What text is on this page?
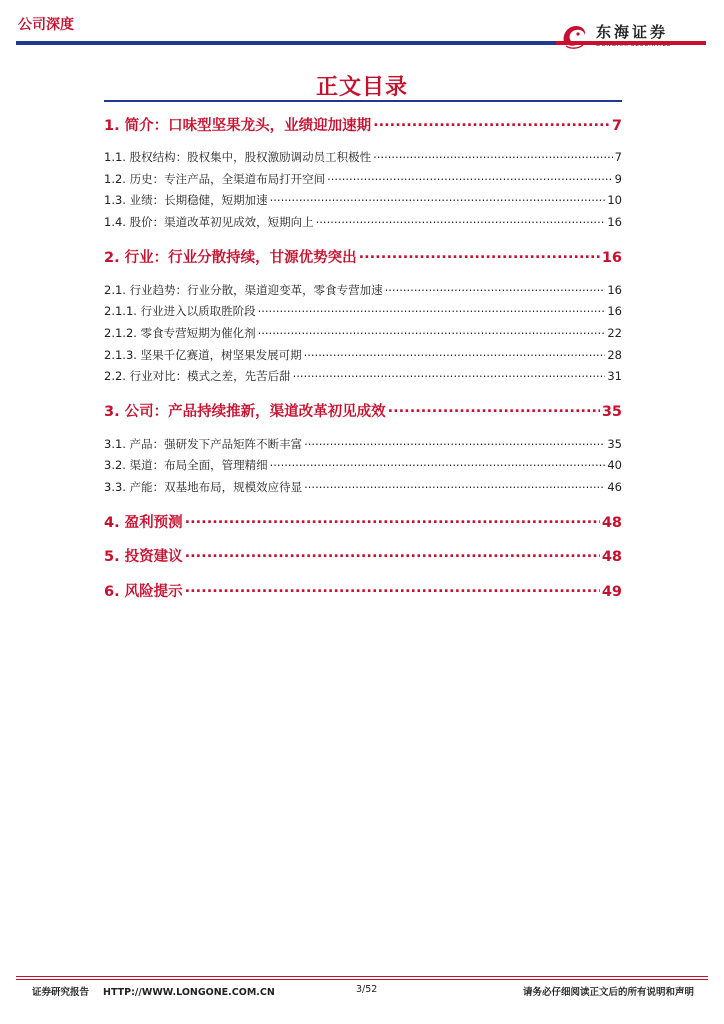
公司深度	东海证券
正文目录
1. 简介：口味型坚果龙头，业绩迎加速期 .....	7
1.1. 股权结构：股权集中，股权激励调动员工积极性 .....	7
1.2. 历史：专注产品，全渠道布局打开空间 .....	9
1.3. 业绩：长期稳健，短期加速 .....	10
1.4. 股价：渠道改革初见成效，短期向上 .....	16
2. 行业：行业分散持续，甘源优势突出 .....	16
2.1. 行业趋势：行业分散，渠道迎变革，零食专营加速 .....	16
2.1.1. 行业进入以质取胜阶段 .....	16
2.1.2. 零食专营短期为催化剂 .....	22
2.1.3. 坚果千亿赛道，树坚果发展可期 .....	28
2.2. 行业对比：模式之差，先苦后甜 .....	31
3. 公司：产品持续推新，渠道改革初见成效 .....	35
3.1. 产品：强研发下产品矩阵不断丰富 .....	35
3.2. 渠道：布局全面，管理精细 .....	40
3.3. 产能：双基地布局，规模效应待显 .....	46
4. 盈利预测 .....	48
5. 投资建议 .....	48
6. 风险提示 .....	49
证券研究报告 HTTP://WWW.LONGONE.COM.CN	3/52	请务必仔细阅读正文后的所有说明和声明
